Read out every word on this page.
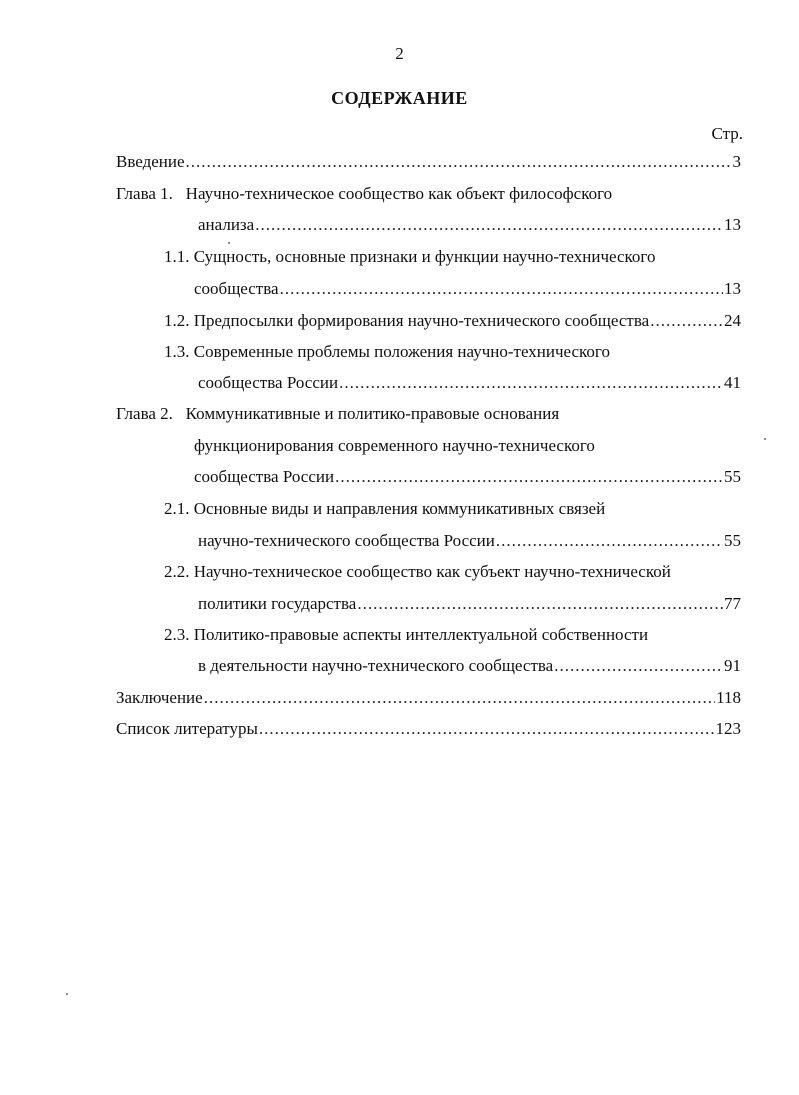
2
СОДЕРЖАНИЕ
Стр.
Введение .....	3
Глава 1.   Научно-техническое сообщество как объект философского
анализа .....	13
1.1. Сущность, основные признаки и функции научно-технического
сообщества .....	13
1.2. Предпосылки формирования научно-технического сообщества .....	24
1.3. Современные проблемы положения научно-технического
сообщества России .....	41
Глава 2.   Коммуникативные и политико-правовые основания
функционирования современного научно-технического
сообщества России .....	55
2.1. Основные виды и направления коммуникативных связей
научно-технического сообщества России .....	55
2.2. Научно-техническое сообщество как субъект научно-технической
политики государства .....	77
2.3. Политико-правовые аспекты интеллектуальной собственности
в деятельности научно-технического сообщества .....	91
Заключение .....	118
Список литературы .....	123
